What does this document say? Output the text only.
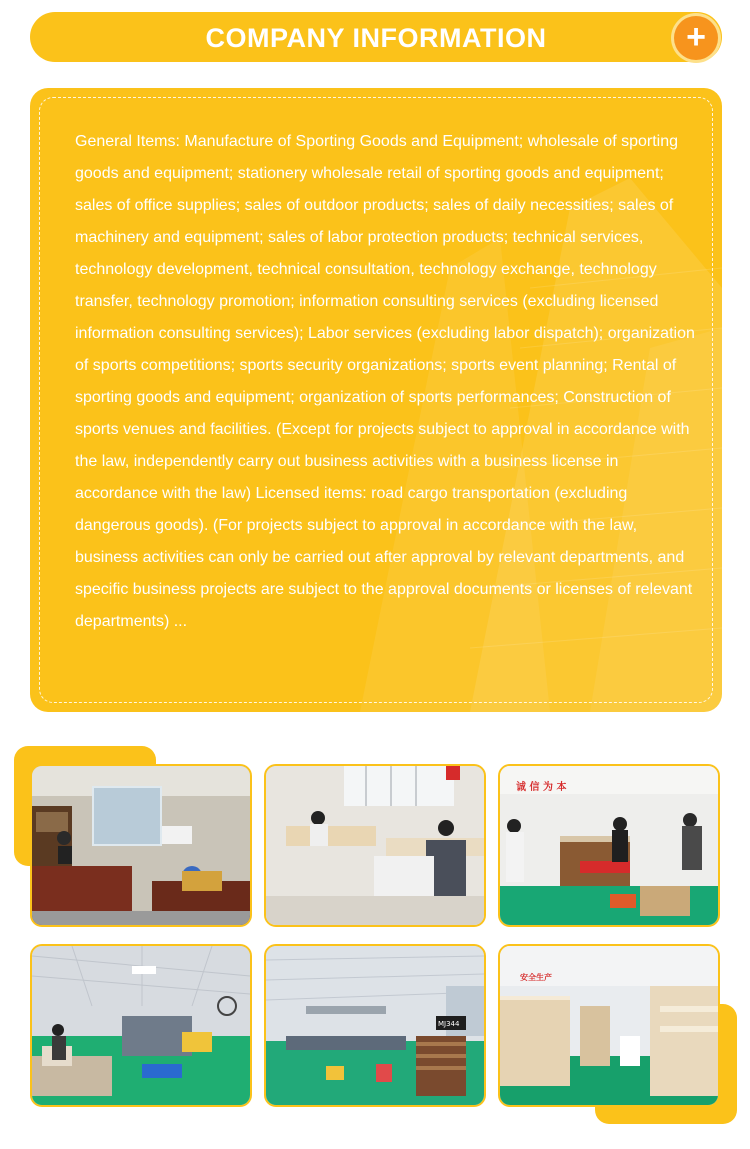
COMPANY INFORMATION	+

General Items: Manufacture of Sporting Goods and Equipment; wholesale of sporting goods and equipment; stationery wholesale retail of sporting goods and equipment; sales of office supplies; sales of outdoor products; sales of daily necessities; sales of machinery and equipment; sales of labor protection products; technical services, technology development, technical consultation, technology exchange, technology transfer, technology promotion; information consulting services (excluding licensed information consulting services); Labor services (excluding labor dispatch); organization of sports competitions; sports security organizations; sports event planning; Rental of sporting goods and equipment; organization of sports performances; Construction of sports venues and facilities. (Except for projects subject to approval in accordance with the law, independently carry out business activities with a business license in accordance with the law) Licensed items: road cargo transportation (excluding dangerous goods). (For projects subject to approval in accordance with the law, business activities can only be carried out after approval by relevant departments, and specific business projects are subject to the approval documents or licenses of relevant departments) ...

诚 信 为 本
MJ344
安全生产
